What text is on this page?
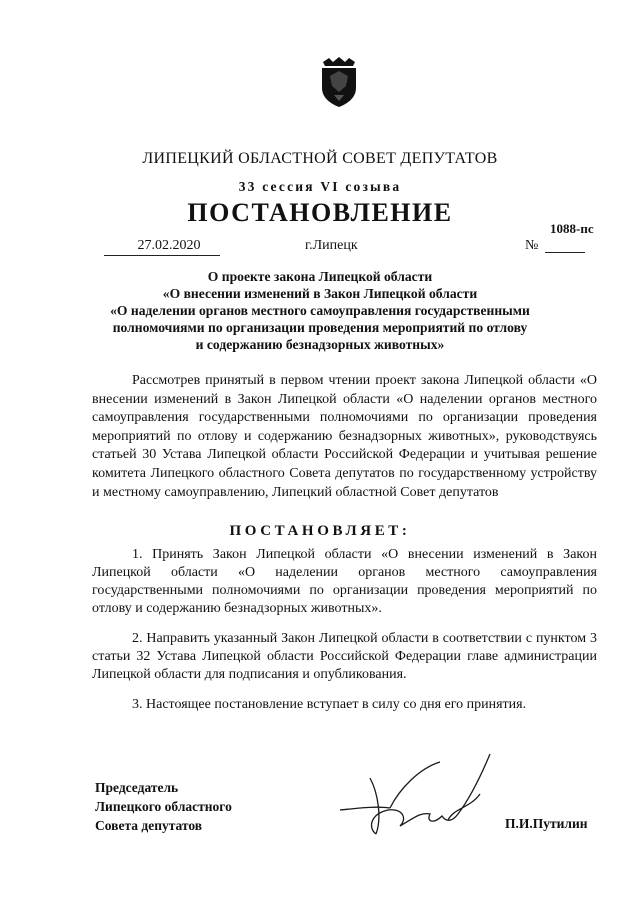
ЛИПЕЦКИЙ ОБЛАСТНОЙ СОВЕТ ДЕПУТАТОВ
33 сессия VI созыва
ПОСТАНОВЛЕНИЕ
1088-пс
27.02.2020	г.Липецк	№
О проекте закона Липецкой области
«О внесении изменений в Закон Липецкой области
«О наделении органов местного самоуправления государственными
полномочиями по организации проведения мероприятий по отлову
и содержанию безнадзорных животных»

Рассмотрев принятый в первом чтении проект закона Липецкой области «О внесении изменений в Закон Липецкой области «О наделении органов местного самоуправления государственными полномочиями по организации проведения мероприятий по отлову и содержанию безнадзорных животных», руководствуясь статьей 30 Устава Липецкой области Российской Федерации и учитывая решение комитета Липецкого областного Совета депутатов по государственному устройству и местному самоуправлению, Липецкий областной Совет депутатов

ПОСТАНОВЛЯЕТ:

1. Принять Закон Липецкой области «О внесении изменений в Закон Липецкой области «О наделении органов местного самоуправления государственными полномочиями по организации проведения мероприятий по отлову и содержанию безнадзорных животных».

2. Направить указанный Закон Липецкой области в соответствии с пунктом 3 статьи 32 Устава Липецкой области Российской Федерации главе администрации Липецкой области для подписания и опубликования.

3. Настоящее постановление вступает в силу со дня его принятия.

Председатель
Липецкого областного
Совета депутатов	П.И.Путилин
